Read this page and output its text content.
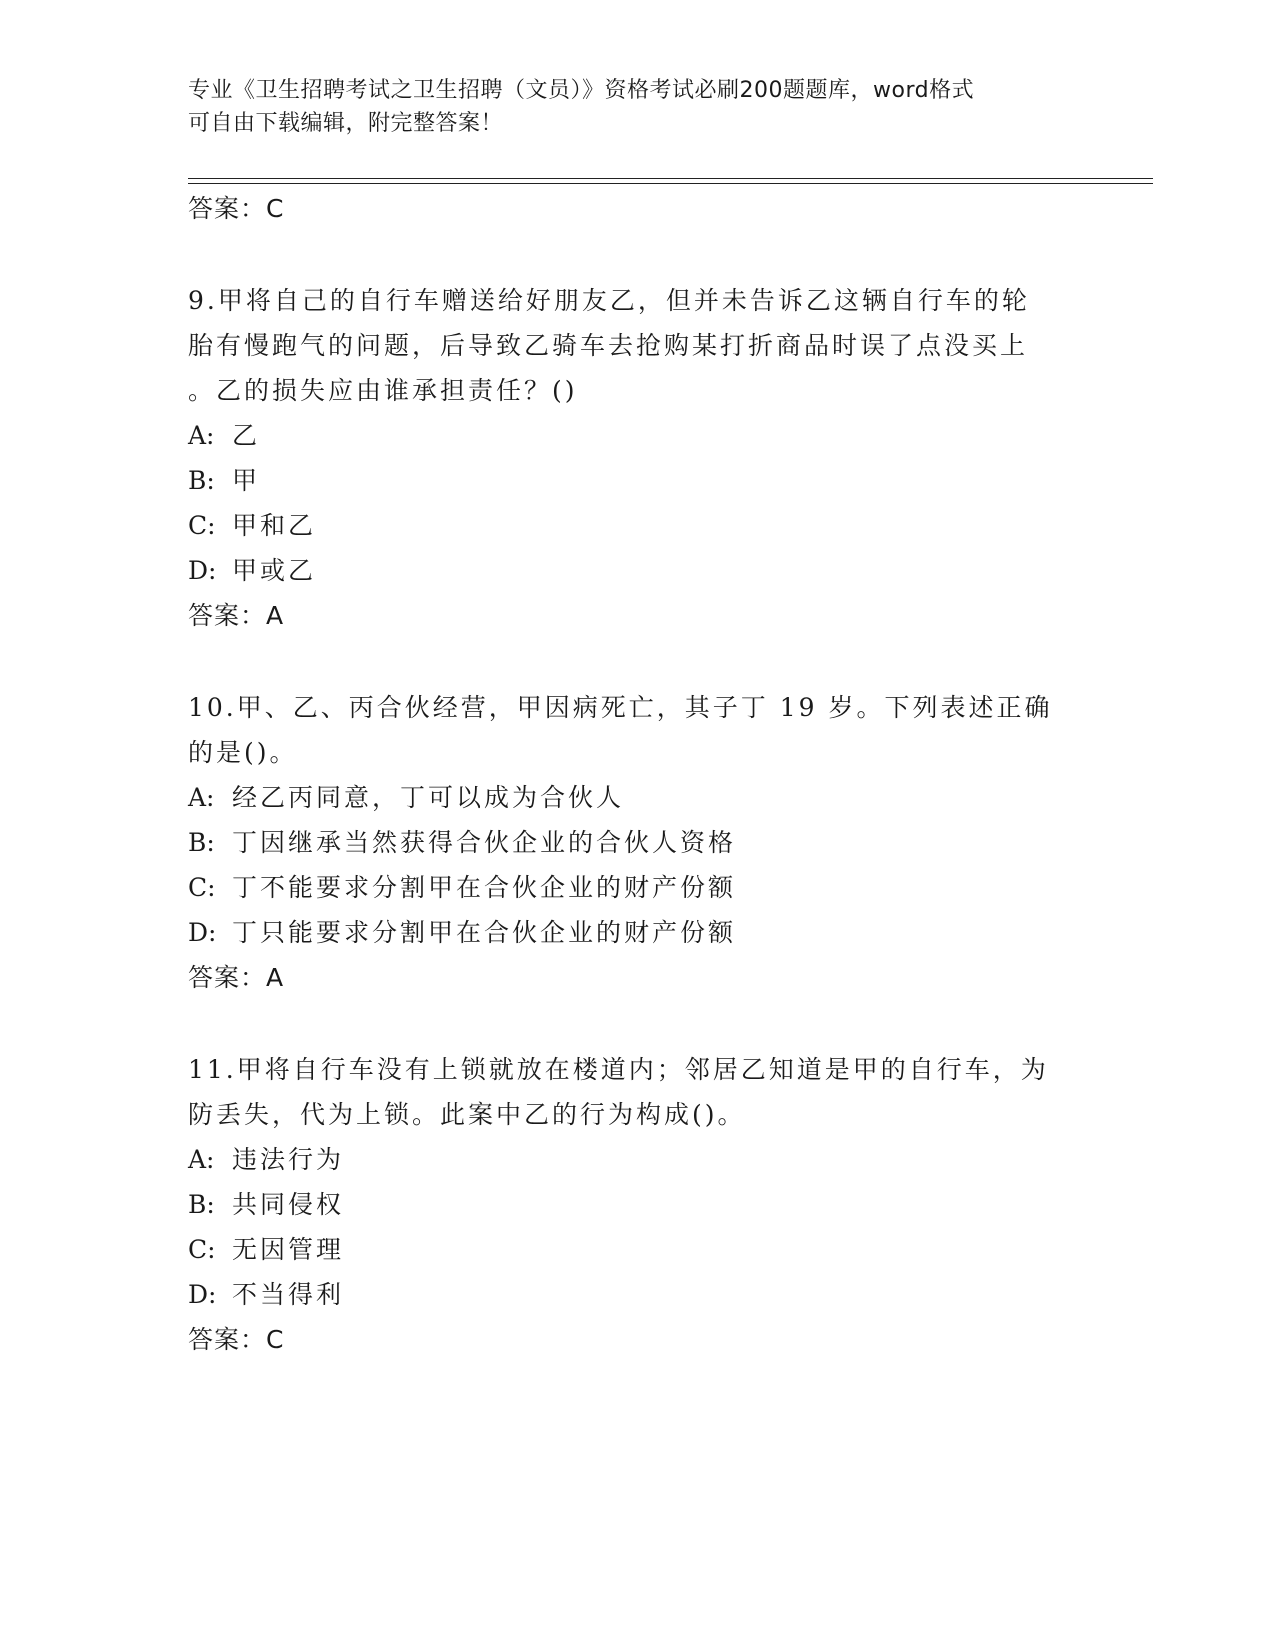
专业《卫生招聘考试之卫生招聘（文员）》资格考试必刷200题题库，word格式
可自由下载编辑，附完整答案！
答案：C
9.甲将自己的自行车赠送给好朋友乙，但并未告诉乙这辆自行车的轮
胎有慢跑气的问题，后导致乙骑车去抢购某打折商品时误了点没买上
。乙的损失应由谁承担责任？()
A: 乙
B: 甲
C: 甲和乙
D: 甲或乙
答案：A
10.甲、乙、丙合伙经营，甲因病死亡，其子丁 19 岁。下列表述正确
的是()。
A: 经乙丙同意，丁可以成为合伙人
B: 丁因继承当然获得合伙企业的合伙人资格
C: 丁不能要求分割甲在合伙企业的财产份额
D: 丁只能要求分割甲在合伙企业的财产份额
答案：A
11.甲将自行车没有上锁就放在楼道内；邻居乙知道是甲的自行车，为
防丢失，代为上锁。此案中乙的行为构成()。
A: 违法行为
B: 共同侵权
C: 无因管理
D: 不当得利
答案：C
